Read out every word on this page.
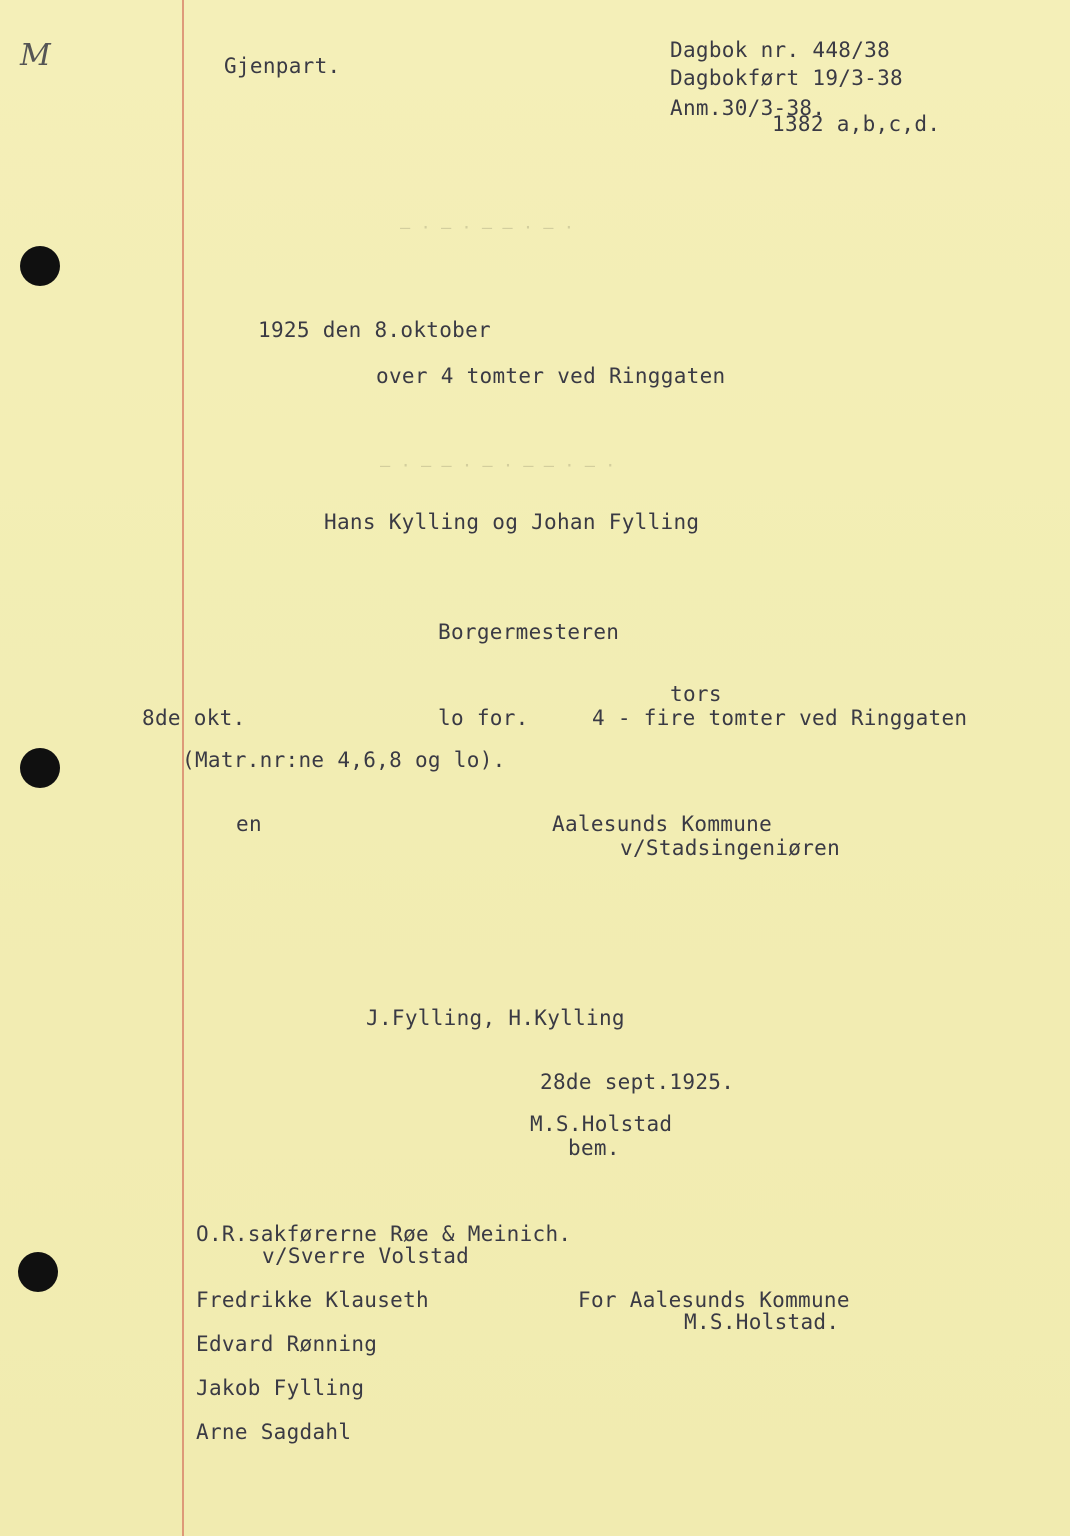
M	Gjenpart.
Dagbok nr. 448/38
Dagbokført 19/3-38
Anm.30/3-38.
1382 a,b,c,d.
— · — · — — · — ·
— · — — · — · — — · — ·
1925 den 8.oktober
over 4 tomter ved Ringgaten
Hans Kylling og Johan Fylling
Borgermesteren
tors
8de okt.	lo for.	4 - fire tomter ved Ringgaten
(Matr.nr:ne 4,6,8 og lo).
en	Aalesunds Kommune
v/Stadsingeniøren
J.Fylling, H.Kylling
28de sept.1925.
M.S.Holstad
bem.
O.R.sakførerne Røe & Meinich.
v/Sverre Volstad
Fredrikke Klauseth
Edvard Rønning
Jakob Fylling
Arne Sagdahl
For Aalesunds Kommune
M.S.Holstad.
